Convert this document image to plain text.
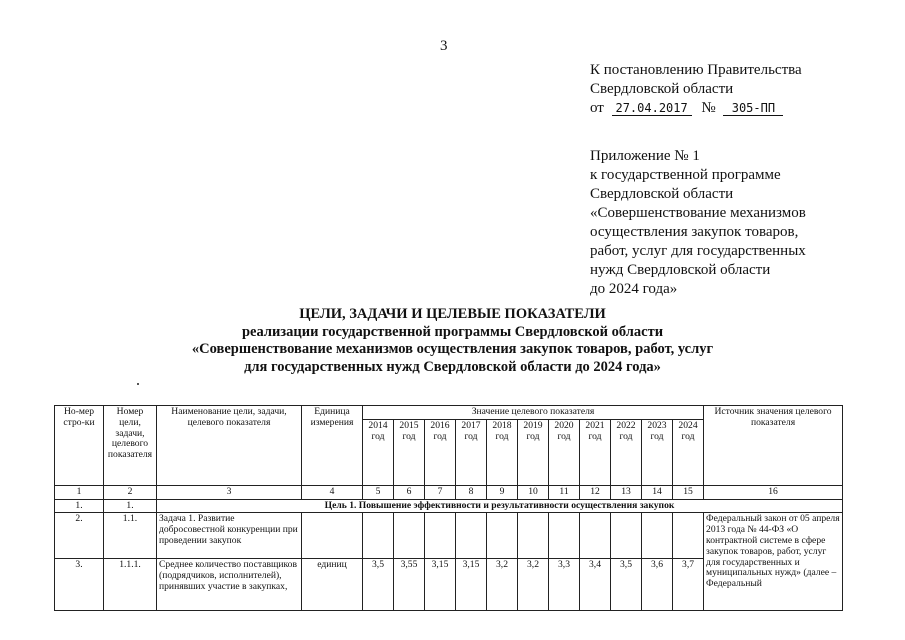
3
К постановлению Правительства
Свердловской области
от 27.04.2017 № 305-ПП
Приложение № 1
к государственной программе
Свердловской области
«Совершенствование механизмов
осуществления закупок товаров,
работ, услуг для государственных
нужд Свердловской области
до 2024 года»
ЦЕЛИ, ЗАДАЧИ И ЦЕЛЕВЫЕ ПОКАЗАТЕЛИ
реализации государственной программы Свердловской области
«Совершенствование механизмов осуществления закупок товаров, работ, услуг
для государственных нужд Свердловской области до 2024 года»
Но-мер стро-ки	Номер цели, задачи, целевого показателя	Наименование цели, задачи, целевого показателя	Единица измерения	Значение целевого показателя											Источник значения целевого показателя
				2014 год	2015 год	2016 год	2017 год	2018 год	2019 год	2020 год	2021 год	2022 год	2023 год	2024 год	
1	2	3	4	5	6	7	8	9	10	11	12	13	14	15	16
1.	1.	Цель 1. Повышение эффективности и результативности осуществления закупок													
2.	1.1.	Задача 1. Развитие добросовестной конкуренции при проведении закупок													Федеральный закон от 05 апреля 2013 года № 44-ФЗ «О контрактной системе в сфере закупок товаров, работ, услуг для государственных и муниципальных нужд» (далее – Федеральный
3.	1.1.1.	Среднее количество поставщиков (подрядчиков, исполнителей), принявших участие в закупках,	единиц	3,5	3,55	3,15	3,15	3,2	3,2	3,3	3,4	3,5	3,6	3,7	
